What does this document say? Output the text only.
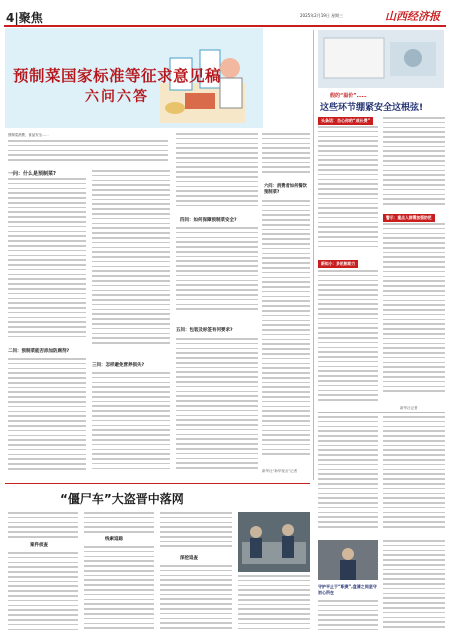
4|聚焦	2025年2月19日 星期三	山西经济报
预制菜国家标准等征求意见稿
六问六答
预制菜消费、食品安全……
一问：什么是预制菜?
二问：预制菜能否添加防腐剂?
三问：怎样避免营养损失?
四问：如何保障预制菜安全?
五问：包装及标签有何要求?
六问：消费者如何餐饮预制菜?
新华社“新华视点”记者
假的“溢价”……
这些环节绷紧安全这根弦!
头条话：当心你的“成长费”
警示：重点人群需加强防范
新知小：多机制助力
新华社记者
“僵尸车”大盗晋中落网
案件侦查
线索追踪
深挖追查
守护平止于“职责”,盘清之间坚守初心所在
